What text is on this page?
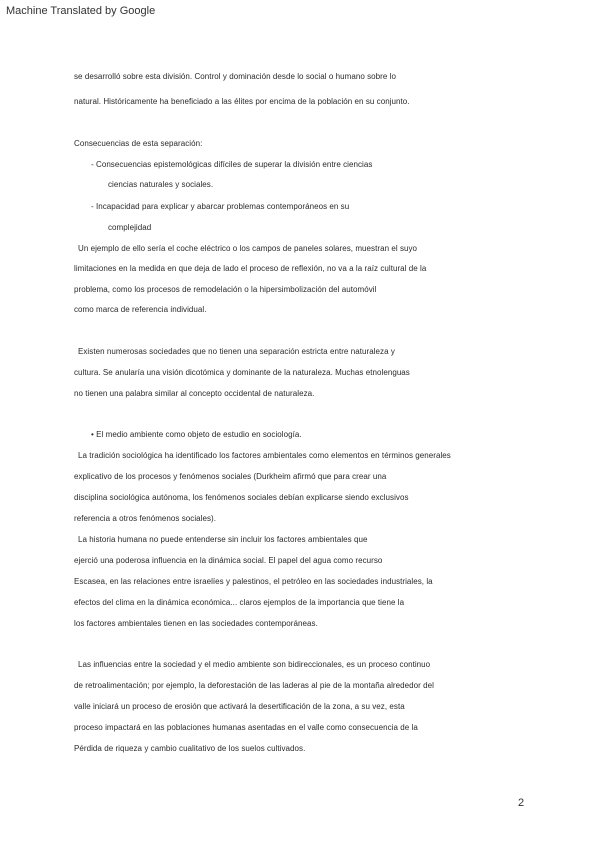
Machine Translated by Google
se desarrolló sobre esta división. Control y dominación desde lo social o humano sobre lo
natural. Históricamente ha beneficiado a las élites por encima de la población en su conjunto.
Consecuencias de esta separación:
- Consecuencias epistemológicas difíciles de superar la división entre ciencias
ciencias naturales y sociales.
- Incapacidad para explicar y abarcar problemas contemporáneos en su
complejidad
Un ejemplo de ello sería el coche eléctrico o los campos de paneles solares, muestran el suyo
limitaciones en la medida en que deja de lado el proceso de reflexión, no va a la raíz cultural de la
problema, como los procesos de remodelación o la hipersimbolización del automóvil
como marca de referencia individual.
Existen numerosas sociedades que no tienen una separación estricta entre naturaleza y
cultura. Se anularía una visión dicotómica y dominante de la naturaleza. Muchas etnolenguas
no tienen una palabra similar al concepto occidental de naturaleza.
• El medio ambiente como objeto de estudio en sociología.
La tradición sociológica ha identificado los factores ambientales como elementos en términos generales
explicativo de los procesos y fenómenos sociales (Durkheim afirmó que para crear una
disciplina sociológica autónoma, los fenómenos sociales debían explicarse siendo exclusivos
referencia a otros fenómenos sociales).
La historia humana no puede entenderse sin incluir los factores ambientales que
ejerció una poderosa influencia en la dinámica social. El papel del agua como recurso
Escasea, en las relaciones entre israelíes y palestinos, el petróleo en las sociedades industriales, la
efectos del clima en la dinámica económica... claros ejemplos de la importancia que tiene la
los factores ambientales tienen en las sociedades contemporáneas.
Las influencias entre la sociedad y el medio ambiente son bidireccionales, es un proceso continuo
de retroalimentación; por ejemplo, la deforestación de las laderas al pie de la montaña alrededor del
valle iniciará un proceso de erosión que activará la desertificación de la zona, a su vez, esta
proceso impactará en las poblaciones humanas asentadas en el valle como consecuencia de la
Pérdida de riqueza y cambio cualitativo de los suelos cultivados.
2
